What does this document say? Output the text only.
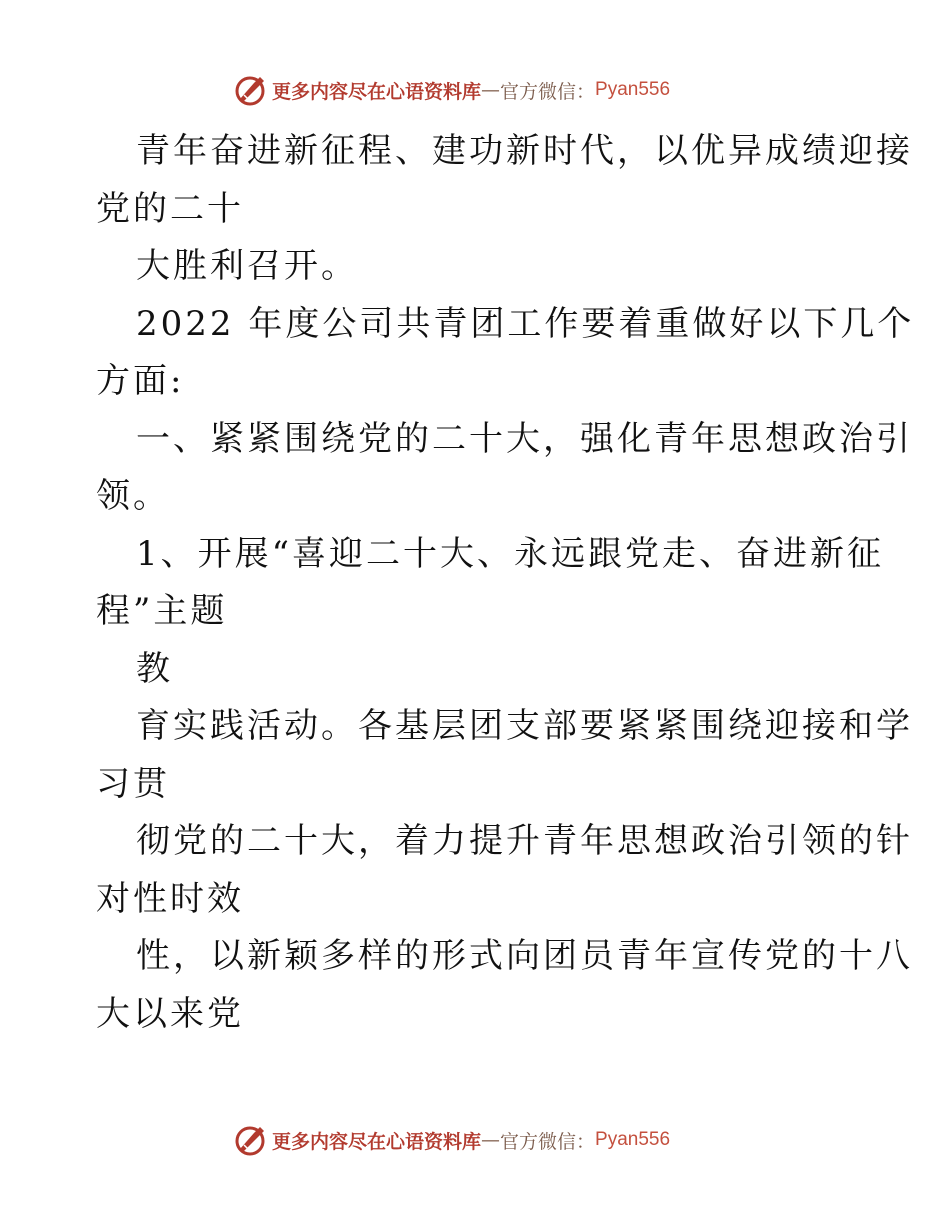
更多内容尽在心语资料库 — 官方微信： Pyan556
青年奋进新征程、建功新时代，以优异成绩迎接
党的二十
大胜利召开。
2022 年度公司共青团工作要着重做好以下几个
方面:
一、紧紧围绕党的二十大，强化青年思想政治引
领。
1、开展“喜迎二十大、永远跟党走、奋进新征
程”主题
教
育实践活动。各基层团支部要紧紧围绕迎接和学
习贯
彻党的二十大，着力提升青年思想政治引领的针
对性时效
性，以新颖多样的形式向团员青年宣传党的十八
大以来党
更多内容尽在心语资料库 — 官方微信： Pyan556
